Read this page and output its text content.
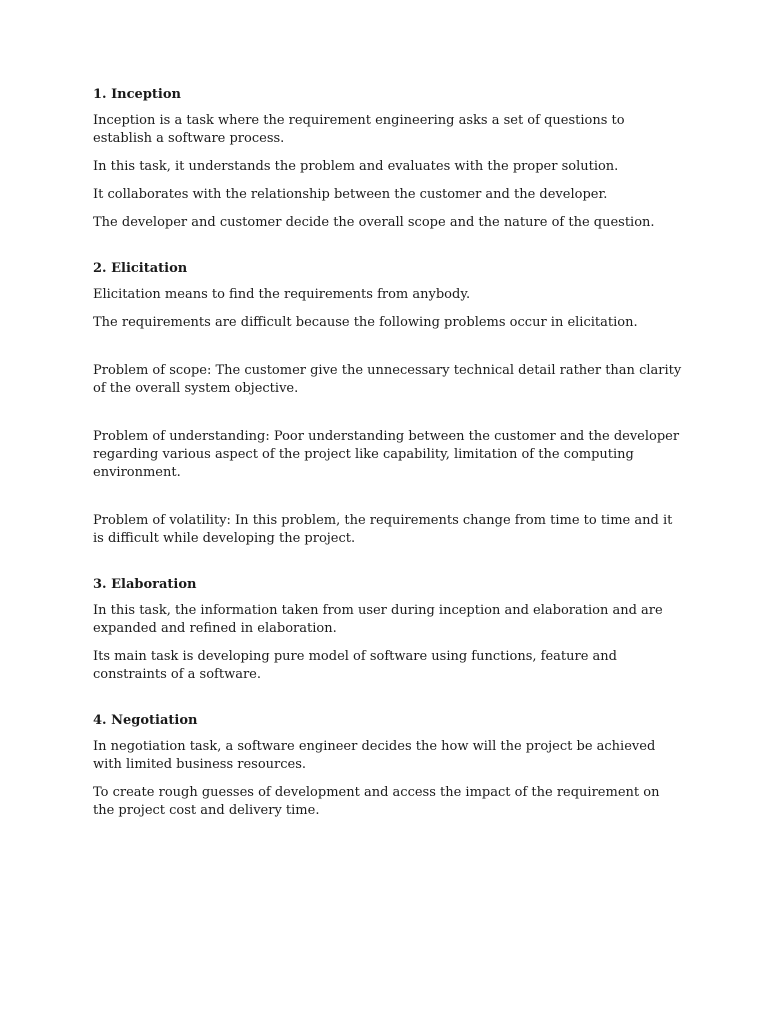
1. Inception

Inception is a task where the requirement engineering asks a set of questions to establish a software process.

In this task, it understands the problem and evaluates with the proper solution.

It collaborates with the relationship between the customer and the developer.

The developer and customer decide the overall scope and the nature of the question.

2. Elicitation

Elicitation means to find the requirements from anybody.

The requirements are difficult because the following problems occur in elicitation.

Problem of scope: The customer give the unnecessary technical detail rather than clarity of the overall system objective.

Problem of understanding: Poor understanding between the customer and the developer regarding various aspect of the project like capability, limitation of the computing environment.

Problem of volatility: In this problem, the requirements change from time to time and it is difficult while developing the project.

3. Elaboration

In this task, the information taken from user during inception and elaboration and are expanded and refined in elaboration.

Its main task is developing pure model of software using functions, feature and constraints of a software.

4. Negotiation

In negotiation task, a software engineer decides the how will the project be achieved with limited business resources.

To create rough guesses of development and access the impact of the requirement on the project cost and delivery time.
